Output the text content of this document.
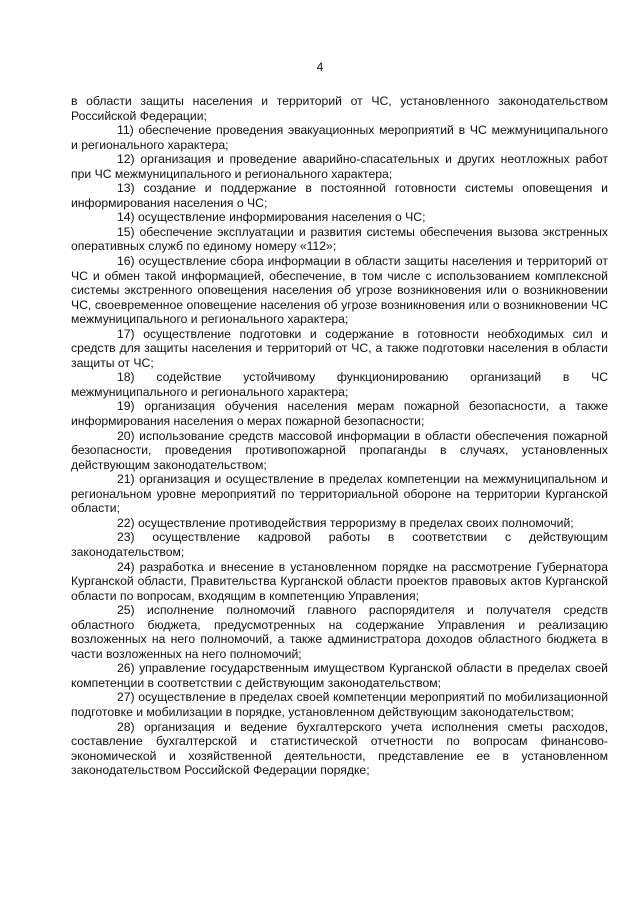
4

в области защиты населения и территорий от ЧС, установленного законодательством Российской Федерации;

11) обеспечение проведения эвакуационных мероприятий в ЧС межмуниципального и регионального характера;

12) организация и проведение аварийно-спасательных и других неотложных работ при ЧС межмуниципального и регионального характера;

13) создание и поддержание в постоянной готовности системы оповещения и информирования населения о ЧС;

14) осуществление информирования населения о ЧС;

15) обеспечение эксплуатации и развития системы обеспечения вызова экстренных оперативных служб по единому номеру «112»;

16) осуществление сбора информации в области защиты населения и территорий от ЧС и обмен такой информацией, обеспечение, в том числе с использованием комплексной системы экстренного оповещения населения об угрозе возникновения или о возникновении ЧС, своевременное оповещение населения об угрозе возникновения или о возникновении ЧС межмуниципального и регионального характера;

17) осуществление подготовки и содержание в готовности необходимых сил и средств для защиты населения и территорий от ЧС, а также подготовки населения в области защиты от ЧС;

18) содействие устойчивому функционированию организаций в ЧС межмуниципального и регионального характера;

19) организация обучения населения мерам пожарной безопасности, а также информирования населения о мерах пожарной безопасности;

20) использование средств массовой информации в области обеспечения пожарной безопасности, проведения противопожарной пропаганды в случаях, установленных действующим законодательством;

21) организация и осуществление в пределах компетенции на межмуниципальном и региональном уровне мероприятий по территориальной обороне на территории Курганской области;

22) осуществление противодействия терроризму в пределах своих полномочий;

23) осуществление кадровой работы в соответствии с действующим законодательством;

24) разработка и внесение в установленном порядке на рассмотрение Губернатора Курганской области, Правительства Курганской области проектов правовых актов Курганской области по вопросам, входящим в компетенцию Управления;

25) исполнение полномочий главного распорядителя и получателя средств областного бюджета, предусмотренных на содержание Управления и реализацию возложенных на него полномочий, а также администратора доходов областного бюджета в части возложенных на него полномочий;

26) управление государственным имуществом Курганской области в пределах своей компетенции в соответствии с действующим законодательством;

27) осуществление в пределах своей компетенции мероприятий по мобилизационной подготовке и мобилизации в порядке, установленном действующим законодательством;

28) организация и ведение бухгалтерского учета исполнения сметы расходов, составление бухгалтерской и статистической отчетности по вопросам финансово-экономической и хозяйственной деятельности, представление ее в установленном законодательством Российской Федерации порядке;
